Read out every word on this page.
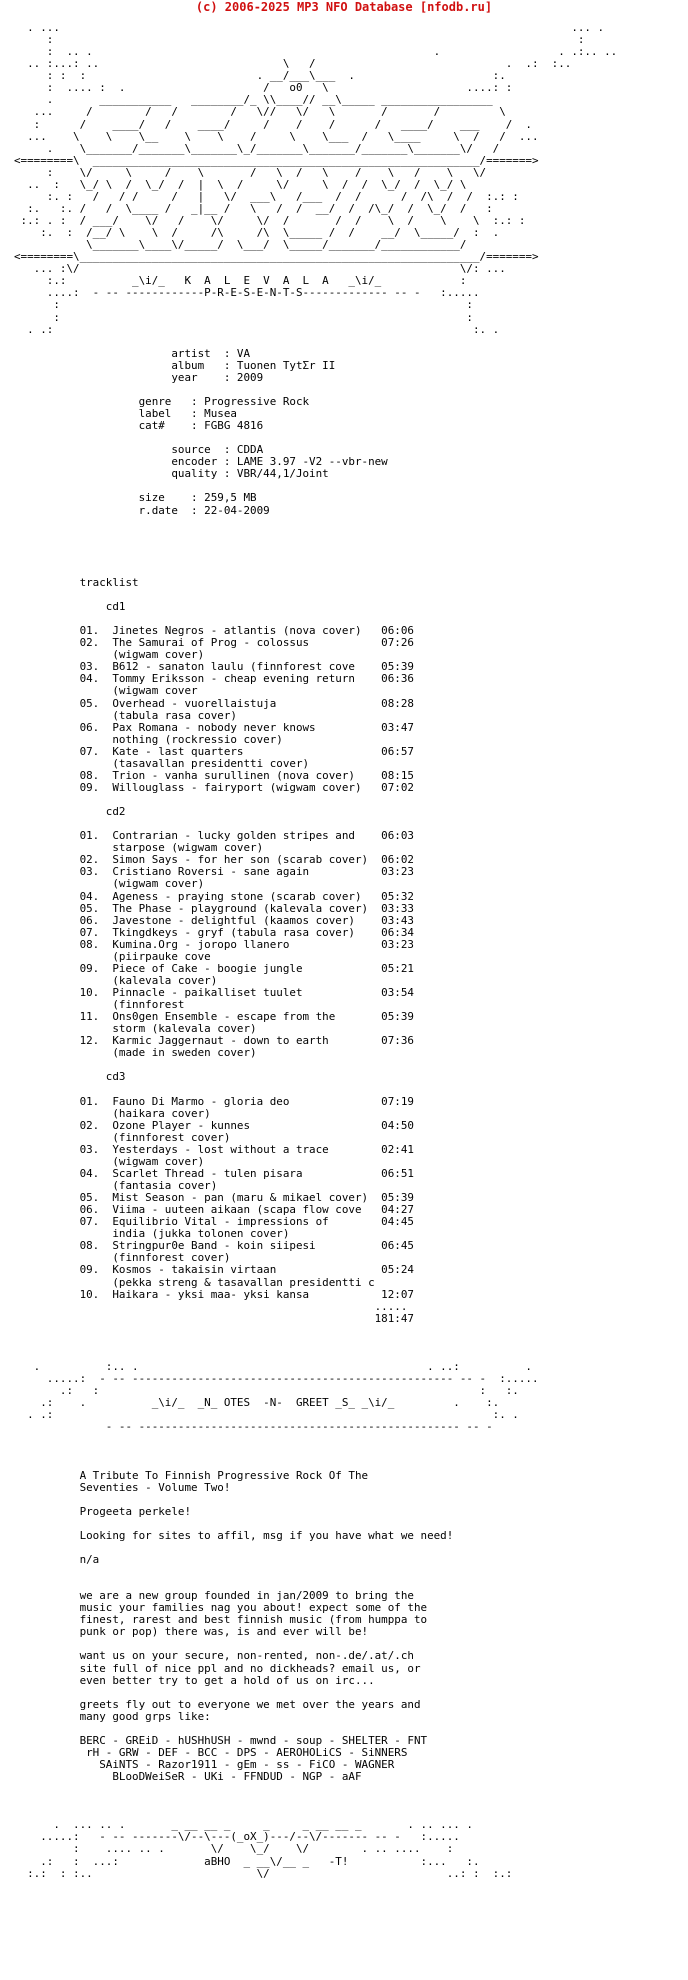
(c) 2006-2025 MP3 NFO Database [nfodb.ru]
. ...                                                                              ... .
:                                                                                :
:  .. .                                                    .                  . .:.. ..
.. :...: ..                            \   /                             .  .:  :..
: :  :                          . __/___\___  .                     :.
:  .... :  .                     /   o0   \                     ....: :
.       ___________   ________/_ \\____// __\_____ _________________
...     /        /   /        /   \//   \/   \       /       /         \
:      /    ____/   /    ____/     /    /    /      /   ____/    ___    /  .
...    \    \    \__    \    \    /     \    \___  /   \____     \  /   /  ...
.    \_______/_______\_______\_/_______\_______/_______\_______\/   /
<========\  ___________________________________________________________/=======>
:    \/     \     /    \       /   \  /   \    /    \   /    \   \/
..  :   \_/ \  /  \_/  /  |  \  /     \/     \  /  /  \_/  /  \_/ \
:. :   /   / /     /   |   \/  ___\   /___  /  /      /  /\  /  /  :.: :
:.   :. /   /  \____ /   _|__ /   \   /  /  __/  /  /\_/  /  \_/  /   :
:.: . :  / ___/    \/   /    \/     \/  /       /  /    \  /    \    \  :.: :
:.  :  /__/ \    \  /     /\     /\  \_____ /  /    __/  \_____/  :  .
\_______\____\/_____/  \___/  \_____/_______/____________/
<========\_____________________________________________________________/=======>
... :\/                                                          \/: ...
:.:          _\i/_   K  A  L  E  V  A  L  A   _\i/_            :
....:  - -- ------------P-R-E-S-E-N-T-S------------- -- -   :.....
:                                                              :
:                                                              :
. .:                                                                :. .

artist  : VA
album   : Tuonen TytΣr II
year    : 2009

genre   : Progressive Rock
label   : Musea
cat#    : FGBG 4816

source  : CDDA
encoder : LAME 3.97 -V2 --vbr-new
quality : VBR/44,1/Joint

size    : 259,5 MB
r.date  : 22-04-2009

tracklist

cd1

01.  Jinetes Negros - atlantis (nova cover)   06:06
02.  The Samurai of Prog - colossus           07:26
(wigwam cover)
03.  B612 - sanaton laulu (finnforest cove    05:39
04.  Tommy Eriksson - cheap evening return    06:36
(wigwam cover
05.  Overhead - vuorellaistuja                08:28
(tabula rasa cover)
06.  Pax Romana - nobody never knows          03:47
nothing (rockressio cover)
07.  Kate - last quarters                     06:57
(tasavallan presidentti cover)
08.  Trion - vanha surullinen (nova cover)    08:15
09.  Willouglass - fairyport (wigwam cover)   07:02

cd2

01.  Contrarian - lucky golden stripes and    06:03
starpose (wigwam cover)
02.  Simon Says - for her son (scarab cover)  06:02
03.  Cristiano Roversi - sane again           03:23
(wigwam cover)
04.  Ageness - praying stone (scarab cover)   05:32
05.  The Phase - playground (kalevala cover)  03:33
06.  Javestone - delightful (kaamos cover)    03:43
07.  Tkingdkeys - gryf (tabula rasa cover)    06:34
08.  Kumina.Org - joropo llanero              03:23
(piirpauke cove
09.  Piece of Cake - boogie jungle            05:21
(kalevala cover)
10.  Pinnacle - paikalliset tuulet            03:54
(finnforest
11.  Ons0gen Ensemble - escape from the       05:39
storm (kalevala cover)
12.  Karmic Jaggernaut - down to earth        07:36
(made in sweden cover)

cd3

01.  Fauno Di Marmo - gloria deo              07:19
(haikara cover)
02.  Ozone Player - kunnes                    04:50
(finnforest cover)
03.  Yesterdays - lost without a trace        02:41
(wigwam cover)
04.  Scarlet Thread - tulen pisara            06:51
(fantasia cover)
05.  Mist Season - pan (maru & mikael cover)  05:39
06.  Viima - uuteen aikaan (scapa flow cove   04:27
07.  Equilibrio Vital - impressions of        04:45
india (jukka tolonen cover)
08.  Stringpur0e Band - koin siipesi          06:45
(finnforest cover)
09.  Kosmos - takaisin virtaan                05:24
(pekka streng & tasavallan presidentti c
10.  Haikara - yksi maa- yksi kansa           12:07
.....
181:47

.          :.. .                                            . ..:          .
.....:  - -- ------------------------------------------------- -- -  :.....
.:   :                                                          :   :.
.:    .          _\i/_  _N_ OTES  -N-  GREET _S_ _\i/_         .    :.
. .:                                                                   :. .
- -- ------------------------------------------------- -- -

A Tribute To Finnish Progressive Rock Of The
Seventies - Volume Two!

Progeeta perkele!

Looking for sites to affil, msg if you have what we need!

n/a

we are a new group founded in jan/2009 to bring the
music your families nag you about! expect some of the
finest, rarest and best finnish music (from humppa to
punk or pop) there was, is and ever will be!

want us on your secure, non-rented, non-.de/.at/.ch
site full of nice ppl and no dickheads? email us, or
even better try to get a hold of us on irc...

greets fly out to everyone we met over the years and
many good grps like:

BERC - GREiD - hUSHhUSH - mwnd - soup - SHELTER - FNT
rH - GRW - DEF - BCC - DPS - AEROHOLiCS - SiNNERS
SAiNTS - Razor1911 - gEm - ss - FiCO - WAGNER
BLooDWeiSeR - UKi - FFNDUD - NGP - aAF

.  ... .. .       _ __ __ _     _     _ __ __ _       . .. ... .
.....:   - -- -------\/--\---(_oX_)---/--\/------- -- -   :.....
:    .... .. .       \/    \_/    \/        . .. ....    :
.:   :  ...:             aBHO  _ __\/__ _   -T!           :...   :.
:.:  : :..                         \/                           ..: :  :.:
